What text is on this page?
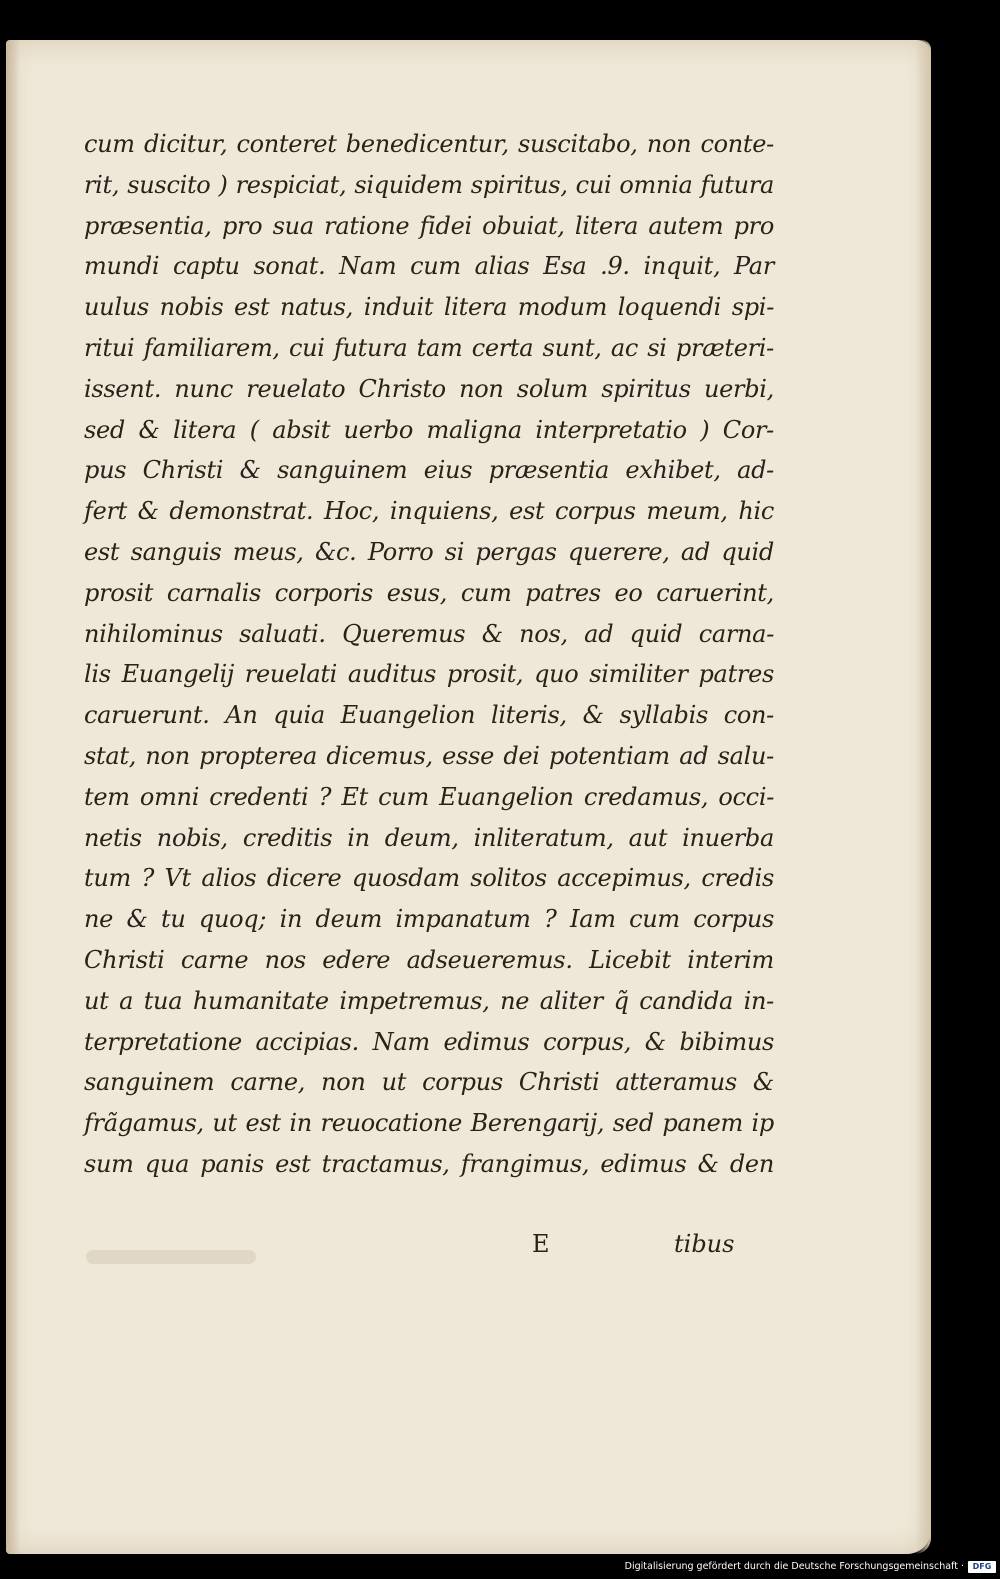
cum dicitur, conteret benedicentur, suscitabo, non conte-
rit, suscito ) respiciat, siquidem spiritus, cui omnia futura
præsentia, pro sua ratione fidei obuiat, litera autem pro
mundi captu sonat. Nam cum alias Esa .9. inquit, Par
uulus nobis est natus, induit litera modum loquendi spi-
ritui familiarem, cui futura tam certa sunt, ac si præteri-
issent. nunc reuelato Christo non solum spiritus uerbi,
sed & litera ( absit uerbo maligna interpretatio ) Cor-
pus Christi & sanguinem eius præsentia exhibet, ad-
fert & demonstrat. Hoc, inquiens, est corpus meum, hic
est sanguis meus, &c. Porro si pergas querere, ad quid
prosit carnalis corporis esus, cum patres eo caruerint,
nihilominus saluati. Queremus & nos, ad quid carna-
lis Euangelij reuelati auditus prosit, quo similiter patres
caruerunt. An quia Euangelion literis, & syllabis con-
stat, non propterea dicemus, esse dei potentiam ad salu-
tem omni credenti ? Et cum Euangelion credamus, occi-
netis nobis, creditis in deum, inliteratum, aut inuerba
tum ? Vt alios dicere quosdam solitos accepimus, credis
ne & tu quoq; in deum impanatum ? Iam cum corpus
Christi carne nos edere adseueremus. Licebit interim
ut a tua humanitate impetremus, ne aliter q̃ candida in-
terpretatione accipias. Nam edimus corpus, & bibimus
sanguinem carne, non ut corpus Christi atteramus &
frãgamus, ut est in reuocatione Berengarij, sed panem ip
sum qua panis est tractamus, frangimus, edimus & den
E	tibus
Digitalisierung gefördert durch die Deutsche Forschungsgemeinschaft ·	DFG
